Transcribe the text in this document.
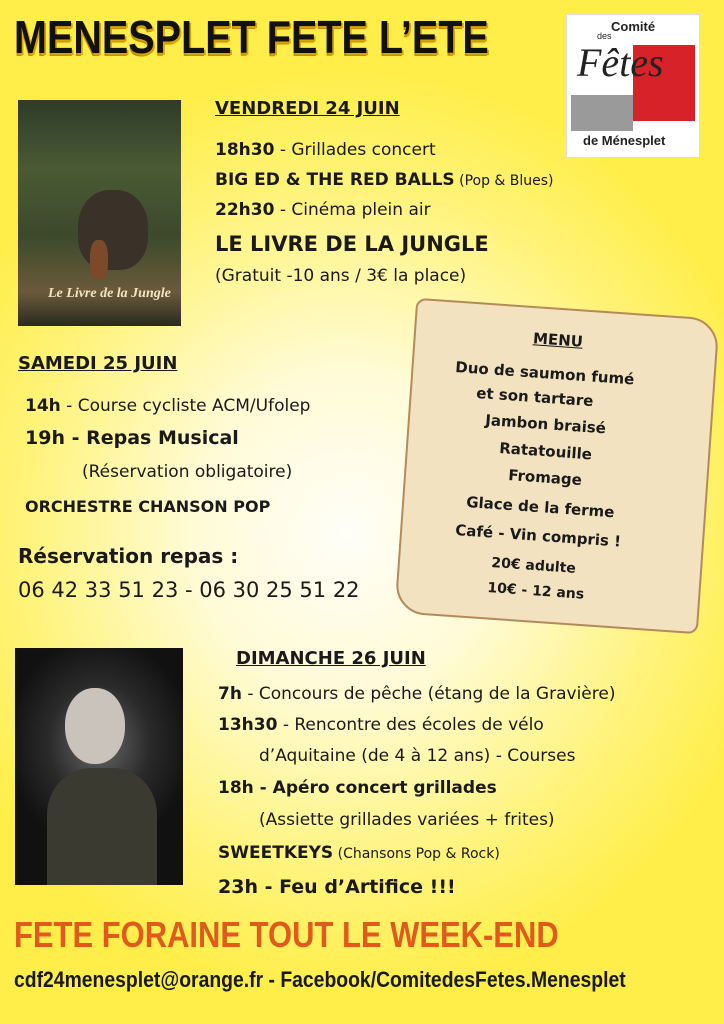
MENESPLET FETE L’ETE	Comité
des
Fêtes
de Ménesplet
Le Livre de la Jungle
VENDREDI 24 JUIN
18h30 - Grillades concert
BIG ED & THE RED BALLS (Pop & Blues)
22h30 - Cinéma plein air
LE LIVRE DE LA JUNGLE
(Gratuit -10 ans / 3€ la place)
MENU
Duo de saumon fumé
et son tartare
Jambon braisé
Ratatouille
Fromage
Glace de la ferme
Café - Vin compris !
20€ adulte
10€ - 12 ans
SAMEDI 25 JUIN
14h - Course cycliste ACM/Ufolep
19h - Repas Musical
(Réservation obligatoire)
ORCHESTRE CHANSON POP
Réservation repas :
06 42 33 51 23 - 06 30 25 51 22
DIMANCHE 26 JUIN
7h - Concours de pêche (étang de la Gravière)
13h30 - Rencontre des écoles de vélo
d’Aquitaine (de 4 à 12 ans) - Courses
18h - Apéro concert grillades
(Assiette grillades variées + frites)
SWEETKEYS (Chansons Pop & Rock)
23h - Feu d’Artifice !!!
FETE FORAINE TOUT LE WEEK-END
cdf24menesplet@orange.fr - Facebook/ComitedesFetes.Menesplet
